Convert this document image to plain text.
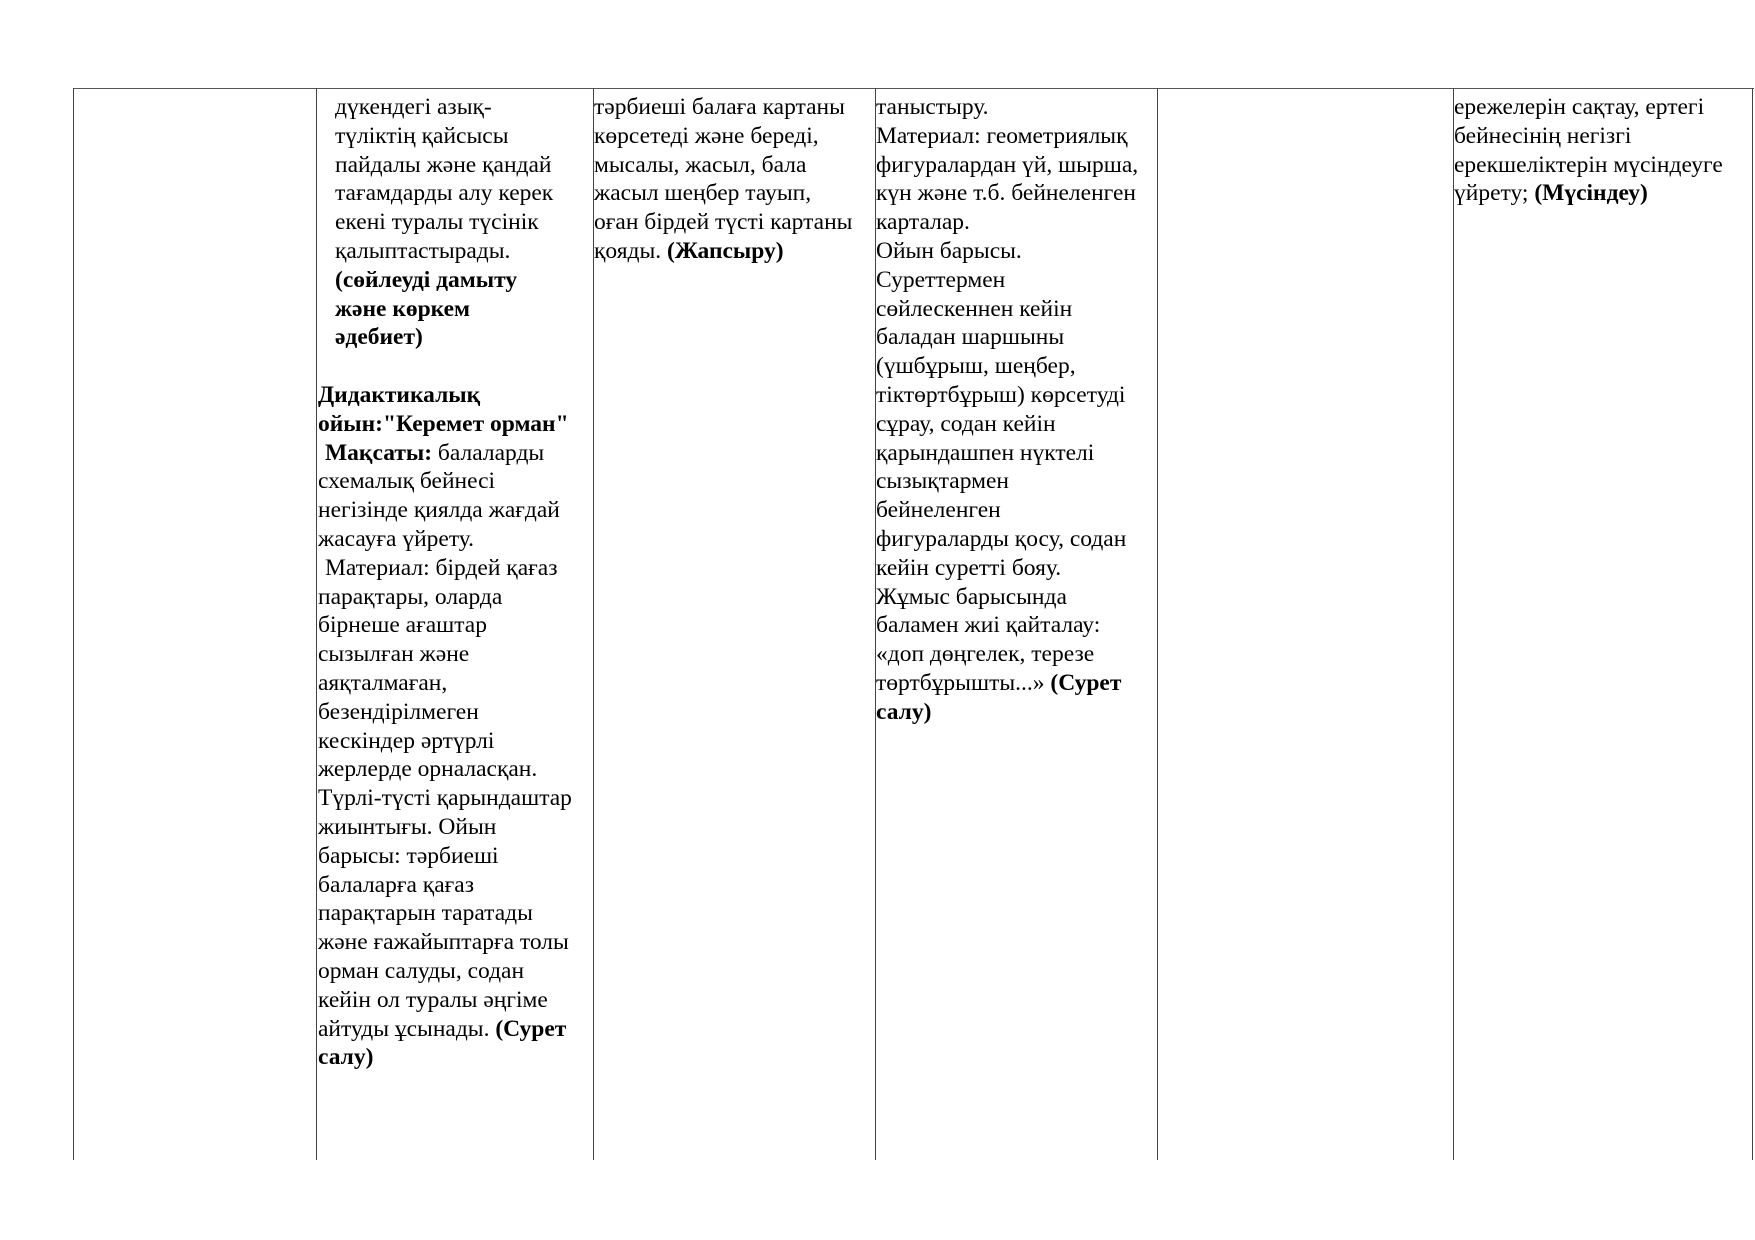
дүкендегі азық-

түліктің қайсысы

пайдалы және қандай

тағамдарды алу керек

екені туралы түсінік

қалыптастырады.

(сөйлеуді дамыту

және көркем

әдебиет)

Дидактикалық

ойын:"Керемет орман"

Мақсаты: балаларды

схемалық бейнесі

негізінде қиялда жағдай

жасауға үйрету.

Материал: бірдей қағаз

парақтары, оларда

бірнеше ағаштар

сызылған және

аяқталмаған,

безендірілмеген

кескіндер әртүрлі

жерлерде орналасқан.

Түрлі-түсті қарындаштар

жиынтығы. Ойын

барысы: тәрбиеші

балаларға қағаз

парақтарын таратады

және ғажайыптарға толы

орман салуды, содан

кейін ол туралы әңгіме

айтуды ұсынады. (Сурет

салу)

тәрбиеші балаға картаны

көрсетеді және береді,

мысалы, жасыл, бала

жасыл шеңбер тауып,

оған бірдей түсті картаны

қояды. (Жапсыру)

таныстыру.

Материал: геометриялық

фигуралардан үй, шырша,

күн және т.б. бейнеленген

карталар.

Ойын барысы.

Суреттермен

сөйлескеннен кейін

баладан шаршыны

(үшбұрыш, шеңбер,

тіктөртбұрыш) көрсетуді

сұрау, содан кейін

қарындашпен нүктелі

сызықтармен

бейнеленген

фигураларды қосу, содан

кейін суретті бояу.

Жұмыс барысында

баламен жиі қайталау:

«доп дөңгелек, терезе

төртбұрышты...» (Сурет

салу)

ережелерін сақтау, ертегі

бейнесінің негізгі

ерекшеліктерін мүсіндеуге

үйрету; (Мүсіндеу)
